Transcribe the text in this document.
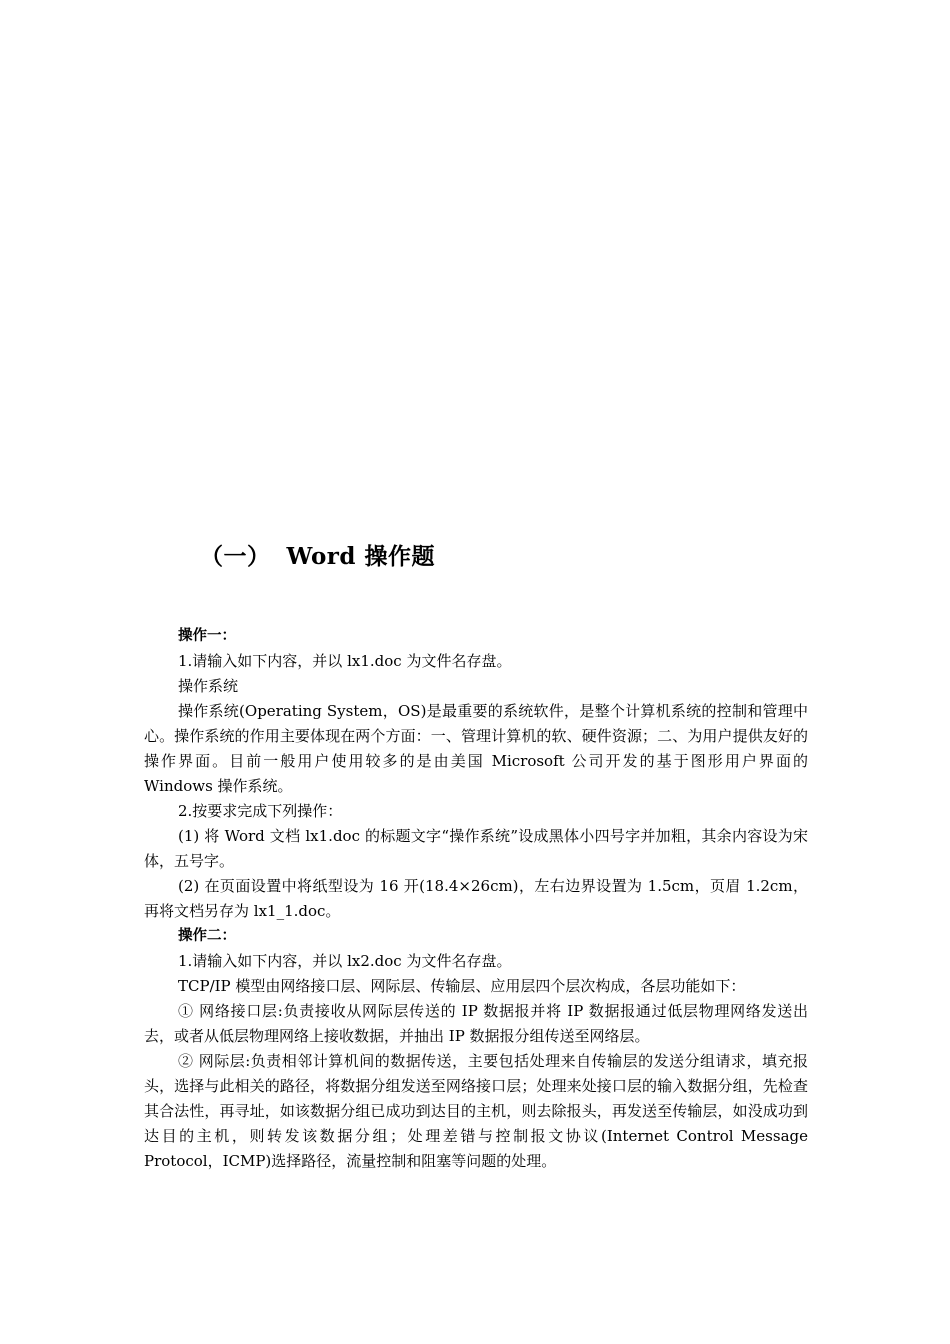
（一） Word 操作题

操作一：

1.请输入如下内容，并以 lx1.doc 为文件名存盘。

操作系统

操作系统(Operating System，OS)是最重要的系统软件，是整个计算机系统的控制和管理中心。操作系统的作用主要体现在两个方面：一、管理计算机的软、硬件资源；二、为用户提供友好的操作界面。目前一般用户使用较多的是由美国 Microsoft 公司开发的基于图形用户界面的 Windows 操作系统。

2.按要求完成下列操作：

(1) 将 Word 文档 lx1.doc 的标题文字“操作系统”设成黑体小四号字并加粗，其余内容设为宋体，五号字。

(2) 在页面设置中将纸型设为 16 开(18.4×26cm)，左右边界设置为 1.5cm，页眉 1.2cm，再将文档另存为 lx1_1.doc。

操作二：

1.请输入如下内容，并以 lx2.doc 为文件名存盘。

TCP/IP 模型由网络接口层、网际层、传输层、应用层四个层次构成，各层功能如下：

① 网络接口层:负责接收从网际层传送的 IP 数据报并将 IP 数据报通过低层物理网络发送出去，或者从低层物理网络上接收数据，并抽出 IP 数据报分组传送至网络层。

② 网际层:负责相邻计算机间的数据传送，主要包括处理来自传输层的发送分组请求，填充报头，选择与此相关的路径，将数据分组发送至网络接口层；处理来处接口层的输入数据分组，先检查其合法性，再寻址，如该数据分组已成功到达目的主机，则去除报头，再发送至传输层，如没成功到达目的主机，则转发该数据分组；处理差错与控制报文协议(Internet Control Message Protocol，ICMP)选择路径，流量控制和阻塞等问题的处理。
